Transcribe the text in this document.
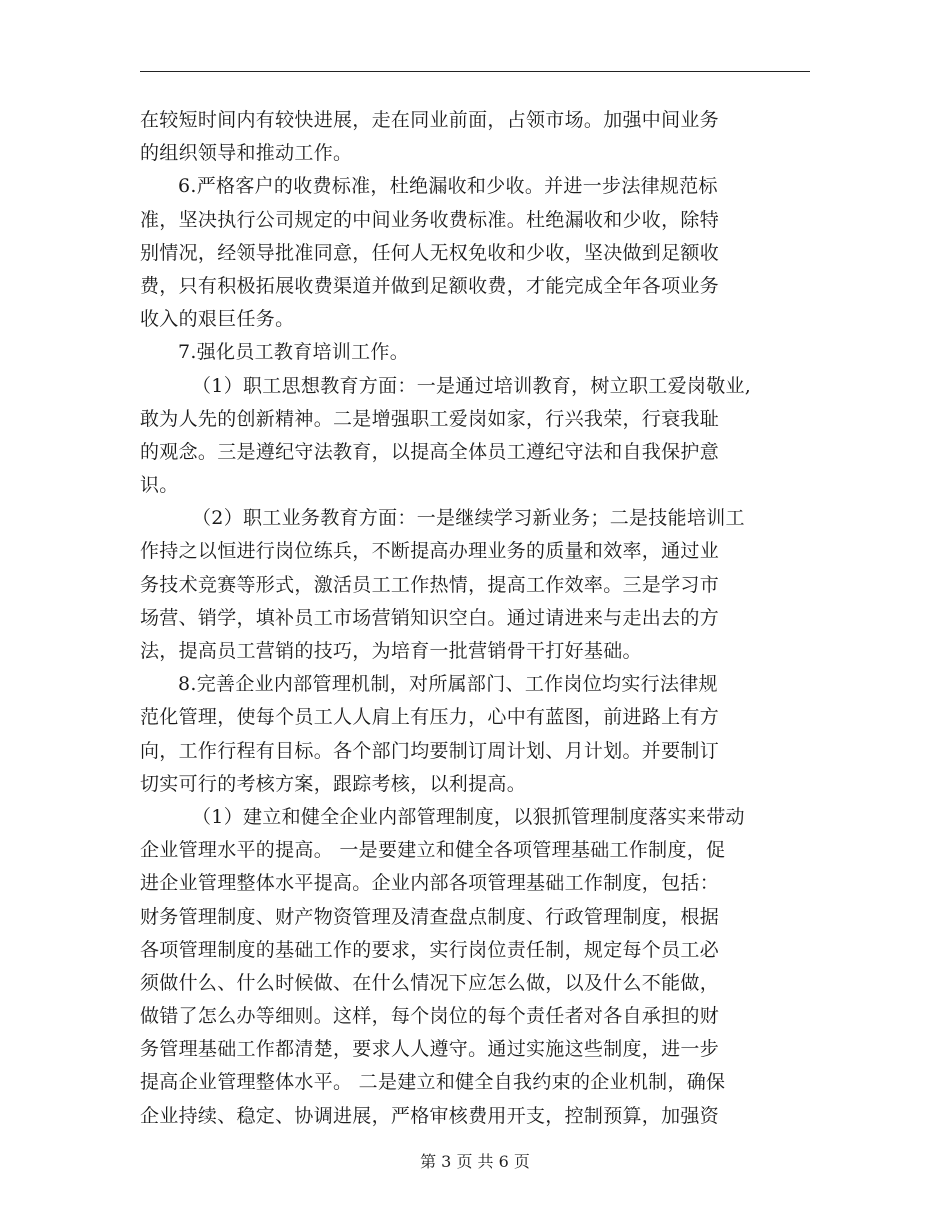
在较短时间内有较快进展，走在同业前面，占领市场。加强中间业务
的组织领导和推动工作。
6.严格客户的收费标准，杜绝漏收和少收。并进一步法律规范标
准，坚决执行公司规定的中间业务收费标准。杜绝漏收和少收，除特
别情况，经领导批准同意，任何人无权免收和少收，坚决做到足额收
费，只有积极拓展收费渠道并做到足额收费，才能完成全年各项业务
收入的艰巨任务。
7.强化员工教育培训工作。
（1）职工思想教育方面：一是通过培训教育，树立职工爱岗敬业,
敢为人先的创新精神。二是增强职工爱岗如家，行兴我荣，行衰我耻
的观念。三是遵纪守法教育，以提高全体员工遵纪守法和自我保护意
识。
（2）职工业务教育方面：一是继续学习新业务；二是技能培训工
作持之以恒进行岗位练兵，不断提高办理业务的质量和效率，通过业
务技术竞赛等形式，激活员工工作热情，提高工作效率。三是学习市
场营、销学，填补员工市场营销知识空白。通过请进来与走出去的方
法，提高员工营销的技巧，为培育一批营销骨干打好基础。
8.完善企业内部管理机制，对所属部门、工作岗位均实行法律规
范化管理，使每个员工人人肩上有压力，心中有蓝图，前进路上有方
向，工作行程有目标。各个部门均要制订周计划、月计划。并要制订
切实可行的考核方案，跟踪考核，以利提高。
（1）建立和健全企业内部管理制度，以狠抓管理制度落实来带动
企业管理水平的提高。 一是要建立和健全各项管理基础工作制度，促
进企业管理整体水平提高。企业内部各项管理基础工作制度，包括：
财务管理制度、财产物资管理及清查盘点制度、行政管理制度，根据
各项管理制度的基础工作的要求，实行岗位责任制，规定每个员工必
须做什么、什么时候做、在什么情况下应怎么做，以及什么不能做，
做错了怎么办等细则。这样，每个岗位的每个责任者对各自承担的财
务管理基础工作都清楚，要求人人遵守。通过实施这些制度，进一步
提高企业管理整体水平。 二是建立和健全自我约束的企业机制，确保
企业持续、稳定、协调进展，严格审核费用开支，控制预算，加强资
第 3 页 共 6 页
